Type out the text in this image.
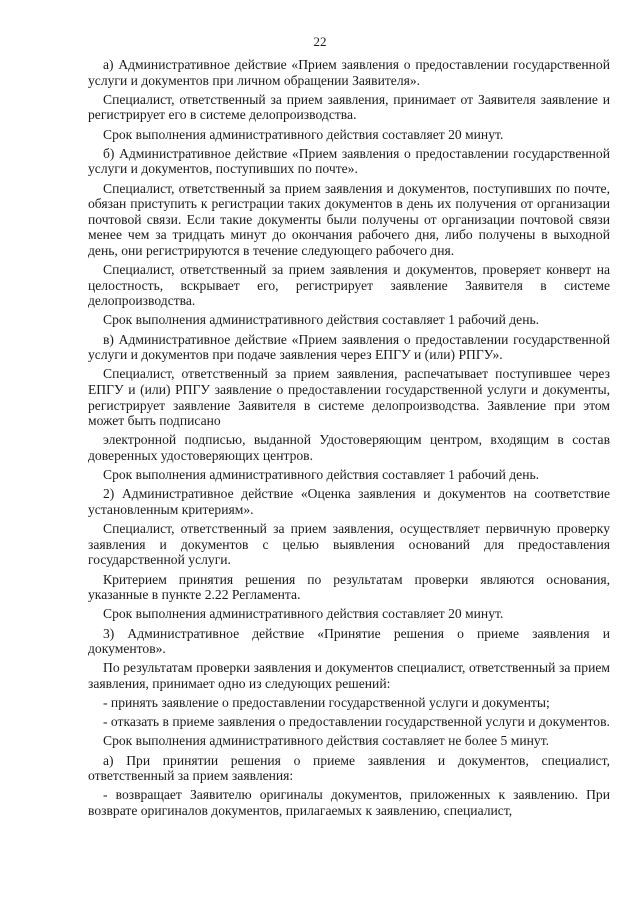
22

а) Административное действие «Прием заявления о предоставлении государственной услуги и документов при личном обращении Заявителя».

Специалист, ответственный за прием заявления, принимает от Заявителя заявление и регистрирует его в системе делопроизводства.

Срок выполнения административного действия составляет 20 минут.

б) Административное действие «Прием заявления о предоставлении государственной услуги и документов, поступивших по почте».

Специалист, ответственный за прием заявления и документов, поступивших по почте, обязан приступить к регистрации таких документов в день их получения от организации почтовой связи. Если такие документы были получены от организации почтовой связи менее чем за тридцать минут до окончания рабочего дня, либо получены в выходной день, они регистрируются в течение следующего рабочего дня.

Специалист, ответственный за прием заявления и документов, проверяет конверт на целостность, вскрывает его, регистрирует заявление Заявителя в системе делопроизводства.

Срок выполнения административного действия составляет 1 рабочий день.

в) Административное действие «Прием заявления о предоставлении государственной услуги и документов при подаче заявления через ЕПГУ и (или) РПГУ».

Специалист, ответственный за прием заявления, распечатывает поступившее через ЕПГУ и (или) РПГУ заявление о предоставлении государственной услуги и документы, регистрирует заявление Заявителя в системе делопроизводства. Заявление при этом может быть подписано

электронной подписью, выданной Удостоверяющим центром, входящим в состав доверенных удостоверяющих центров.

Срок выполнения административного действия составляет 1 рабочий день.

2) Административное действие «Оценка заявления и документов на соответствие установленным критериям».

Специалист, ответственный за прием заявления, осуществляет первичную проверку заявления и документов с целью выявления оснований для предоставления государственной услуги.

Критерием принятия решения по результатам проверки являются основания, указанные в пункте 2.22 Регламента.

Срок выполнения административного действия составляет 20 минут.

3) Административное действие «Принятие решения о приеме заявления и документов».

По результатам проверки заявления и документов специалист, ответственный за прием заявления, принимает одно из следующих решений:

- принять заявление о предоставлении государственной услуги и документы;

- отказать в приеме заявления о предоставлении государственной услуги и документов.

Срок выполнения административного действия составляет не более 5 минут.

а) При принятии решения о приеме заявления и документов, специалист, ответственный за прием заявления:

- возвращает Заявителю оригиналы документов, приложенных к заявлению. При возврате оригиналов документов, прилагаемых к заявлению, специалист,
